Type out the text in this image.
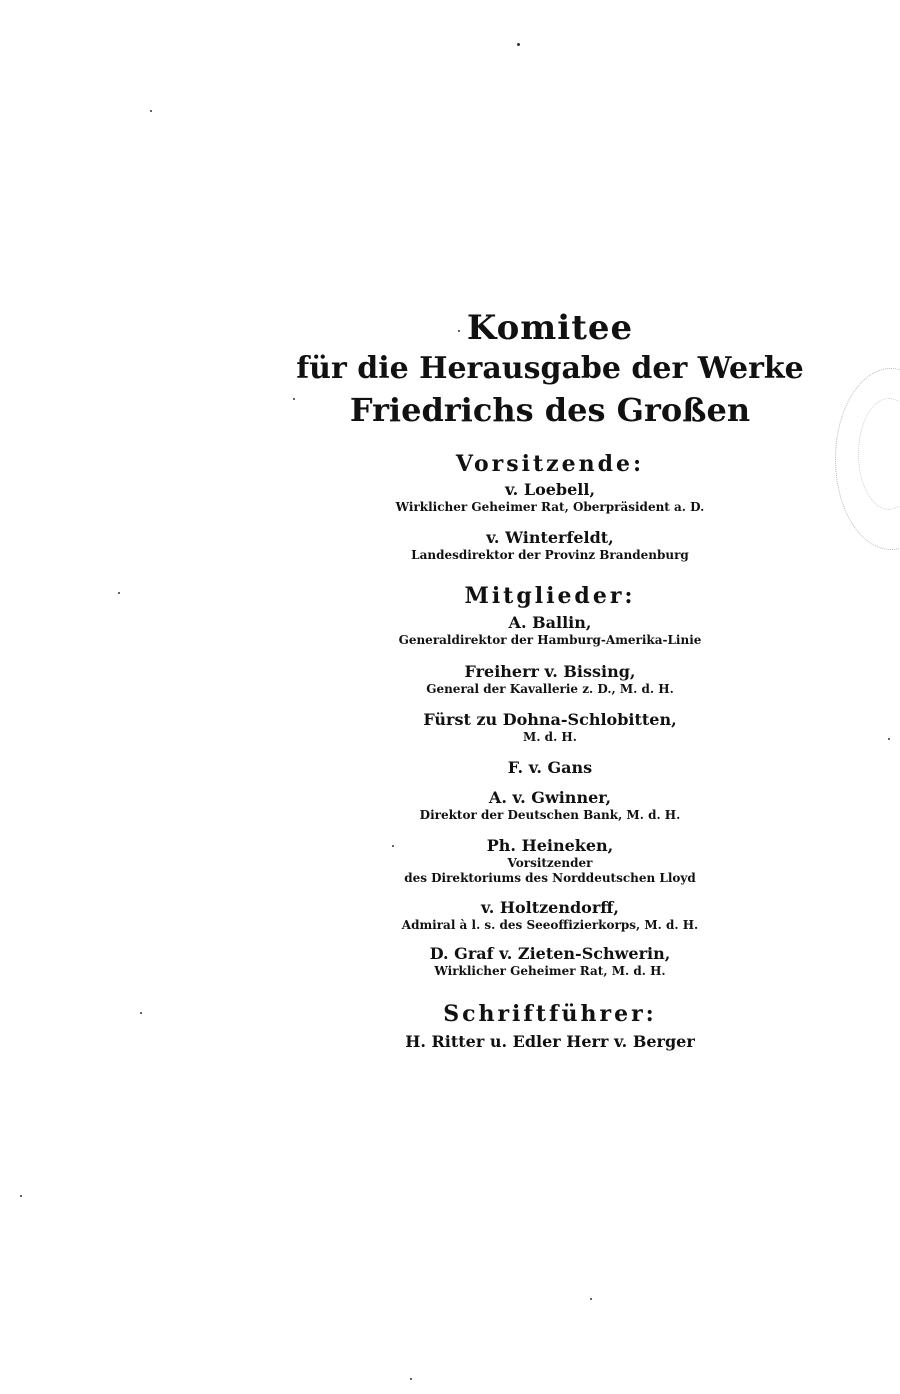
Komitee
für die Herausgabe der Werke
Friedrichs des Großen
Vorsitzende:
v. Loebell,
Wirklicher Geheimer Rat, Oberpräsident a. D.
v. Winterfeldt,
Landesdirektor der Provinz Brandenburg
Mitglieder:
A. Ballin,
Generaldirektor der Hamburg-Amerika-Linie
Freiherr v. Bissing,
General der Kavallerie z. D., M. d. H.
Fürst zu Dohna-Schlobitten,
M. d. H.
F. v. Gans
A. v. Gwinner,
Direktor der Deutschen Bank, M. d. H.
Ph. Heineken,
Vorsitzender
des Direktoriums des Norddeutschen Lloyd
v. Holtzendorff,
Admiral à l. s. des Seeoffizierkorps, M. d. H.
D. Graf v. Zieten-Schwerin,
Wirklicher Geheimer Rat, M. d. H.
Schriftführer:
H. Ritter u. Edler Herr v. Berger
